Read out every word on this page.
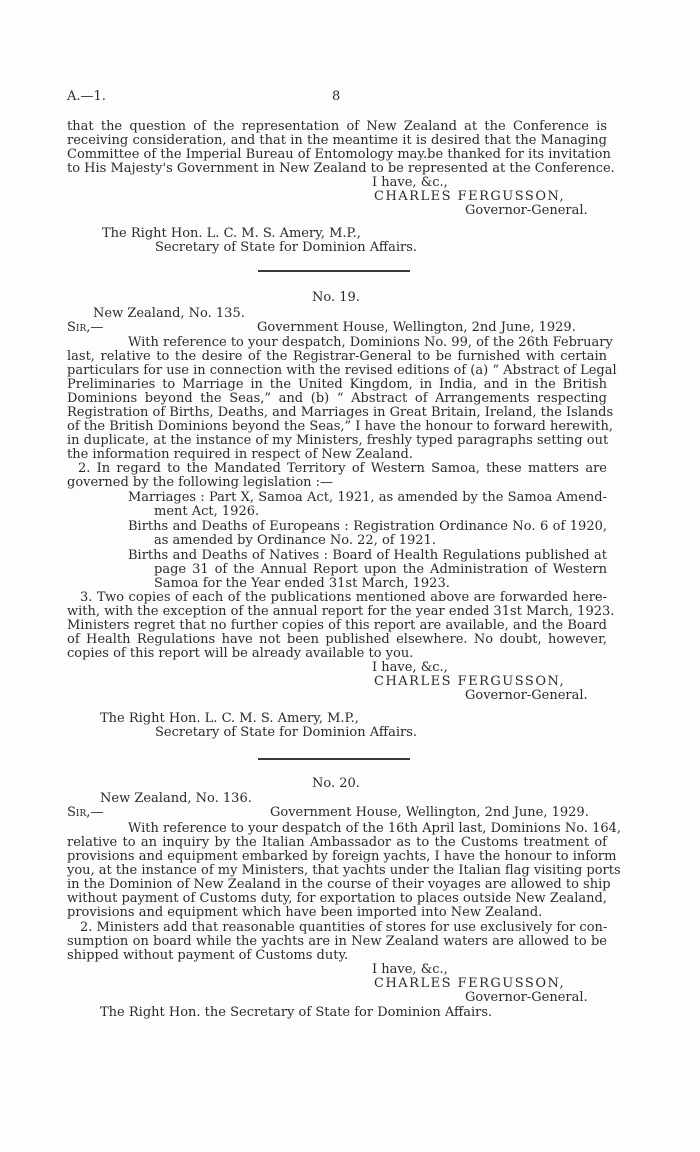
A.—1.	8
that the question of the representation of New Zealand at the Conference is
receiving consideration, and that in the meantime it is desired that the Managing
Committee of the Imperial Bureau of Entomology may.be thanked for its invitation
to His Majesty's Government in New Zealand to be represented at the Conference.
I have, &c.,
CHARLES FERGUSSON,
Governor-General.
The Right Hon. L. C. M. S. Amery, M.P.,
Secretary of State for Dominion Affairs.
No. 19.
New Zealand, No. 135.
Sir,—	Government House, Wellington, 2nd June, 1929.
With reference to your despatch, Dominions No. 99, of the 26th February
last, relative to the desire of the Registrar-General to be furnished with certain
particulars for use in connection with the revised editions of (a) “ Abstract of Legal
Preliminaries to Marriage in the United Kingdom, in India, and in the British
Dominions beyond the Seas,” and (b) “ Abstract of Arrangements respecting
Registration of Births, Deaths, and Marriages in Great Britain, Ireland, the Islands
of the British Dominions beyond the Seas,” I have the honour to forward herewith,
in duplicate, at the instance of my Ministers, freshly typed paragraphs setting out
the information required in respect of New Zealand.
2. In regard to the Mandated Territory of Western Samoa, these matters are
governed by the following legislation :—
Marriages : Part X, Samoa Act, 1921, as amended by the Samoa Amend-
ment Act, 1926.
Births and Deaths of Europeans : Registration Ordinance No. 6 of 1920,
as amended by Ordinance No. 22, of 1921.
Births and Deaths of Natives : Board of Health Regulations published at
page 31 of the Annual Report upon the Administration of Western
Samoa for the Year ended 31st March, 1923.
3. Two copies of each of the publications mentioned above are forwarded here-
with, with the exception of the annual report for the year ended 31st March, 1923.
Ministers regret that no further copies of this report are available, and the Board
of Health Regulations have not been published elsewhere. No doubt, however,
copies of this report will be already available to you.
I have, &c.,
CHARLES FERGUSSON,
Governor-General.
The Right Hon. L. C. M. S. Amery, M.P.,
Secretary of State for Dominion Affairs.
No. 20.
New Zealand, No. 136.
Sir,—	Government House, Wellington, 2nd June, 1929.
With reference to your despatch of the 16th April last, Dominions No. 164,
relative to an inquiry by the Italian Ambassador as to the Customs treatment of
provisions and equipment embarked by foreign yachts, I have the honour to inform
you, at the instance of my Ministers, that yachts under the Italian flag visiting ports
in the Dominion of New Zealand in the course of their voyages are allowed to ship
without payment of Customs duty, for exportation to places outside New Zealand,
provisions and equipment which have been imported into New Zealand.
2. Ministers add that reasonable quantities of stores for use exclusively for con-
sumption on board while the yachts are in New Zealand waters are allowed to be
shipped without payment of Customs duty.
I have, &c.,
CHARLES FERGUSSON,
Governor-General.
The Right Hon. the Secretary of State for Dominion Affairs.
